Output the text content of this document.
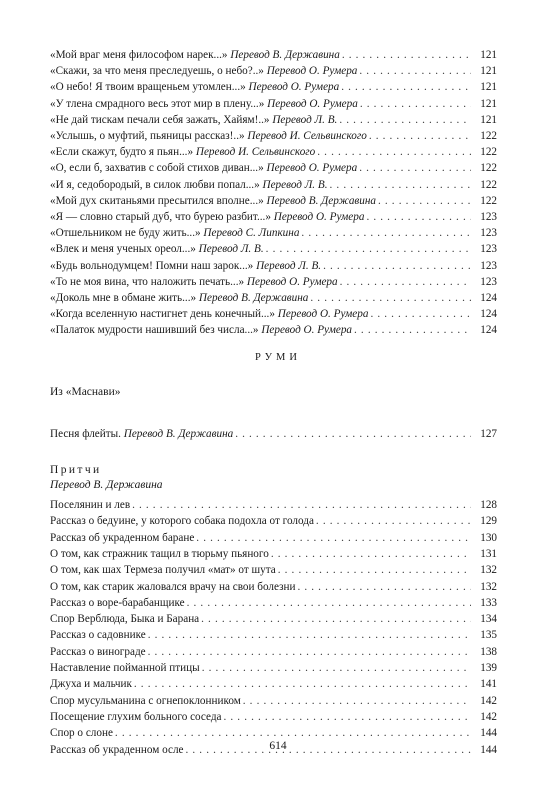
«Мой враг меня философом нарек...» Перевод В. Державина . . .	121
«Скажи, за что меня преследуешь, о небо?..» Перевод О. Румера . . .	121
«О небо! Я твоим вращеньем утомлен...» Перевод О. Румера . . .	121
«У тлена смрадного весь этот мир в плену...» Перевод О. Румера . . .	121
«Не дай тискам печали себя зажать, Хайям!..» Перевод Л. В. . . .	121
«Услышь, о муфтий, пьяницы рассказ!..» Перевод И. Сельвинского . . .	122
«Если скажут, будто я пьян...» Перевод И. Сельвинского . . .	122
«О, если б, захватив с собой стихов диван...» Перевод О. Румера . . .	122
«И я, седобородый, в силок любви попал...» Перевод Л. В. . . .	122
«Мой дух скитаньями пресытился вполне...» Перевод В. Державина . . .	122
«Я — словно старый дуб, что бурею разбит...» Перевод О. Румера . . .	123
«Отшельником не буду жить...» Перевод С. Липкина . . .	123
«Влек и меня ученых ореол...» Перевод Л. В. . . .	123
«Будь вольнодумцем! Помни наш зарок...» Перевод Л. В. . . .	123
«То не моя вина, что наложить печать...» Перевод О. Румера . . .	123
«Доколь мне в обмане жить...» Перевод В. Державина . . .	124
«Когда вселенную настигнет день конечный...» Перевод О. Румера . . .	124
«Палаток мудрости нашивший без числа...» Перевод О. Румера . . .	124
РУМИ
Из «Маснави»
Песня флейты. Перевод В. Державина . . .	127
Притчи
Перевод В. Державина
Поселянин и лев . . .	128
Рассказ о бедуине, у которого собака подохла от голода . . .	129
Рассказ об украденном баране . . .	130
О том, как стражник тащил в тюрьму пьяного . . .	131
О том, как шах Термеза получил «мат» от шута . . .	132
О том, как старик жаловался врачу на свои болезни . . .	132
Рассказ о воре-барабанщике . . .	133
Спор Верблюда, Быка и Барана . . .	134
Рассказ о садовнике . . .	135
Рассказ о винограде . . .	138
Наставление пойманной птицы . . .	139
Джуха и мальчик . . .	141
Спор мусульманина с огнепоклонником . . .	142
Посещение глухим больного соседа . . .	142
Спор о слоне . . .	144
Рассказ об украденном осле . . .	144
614
